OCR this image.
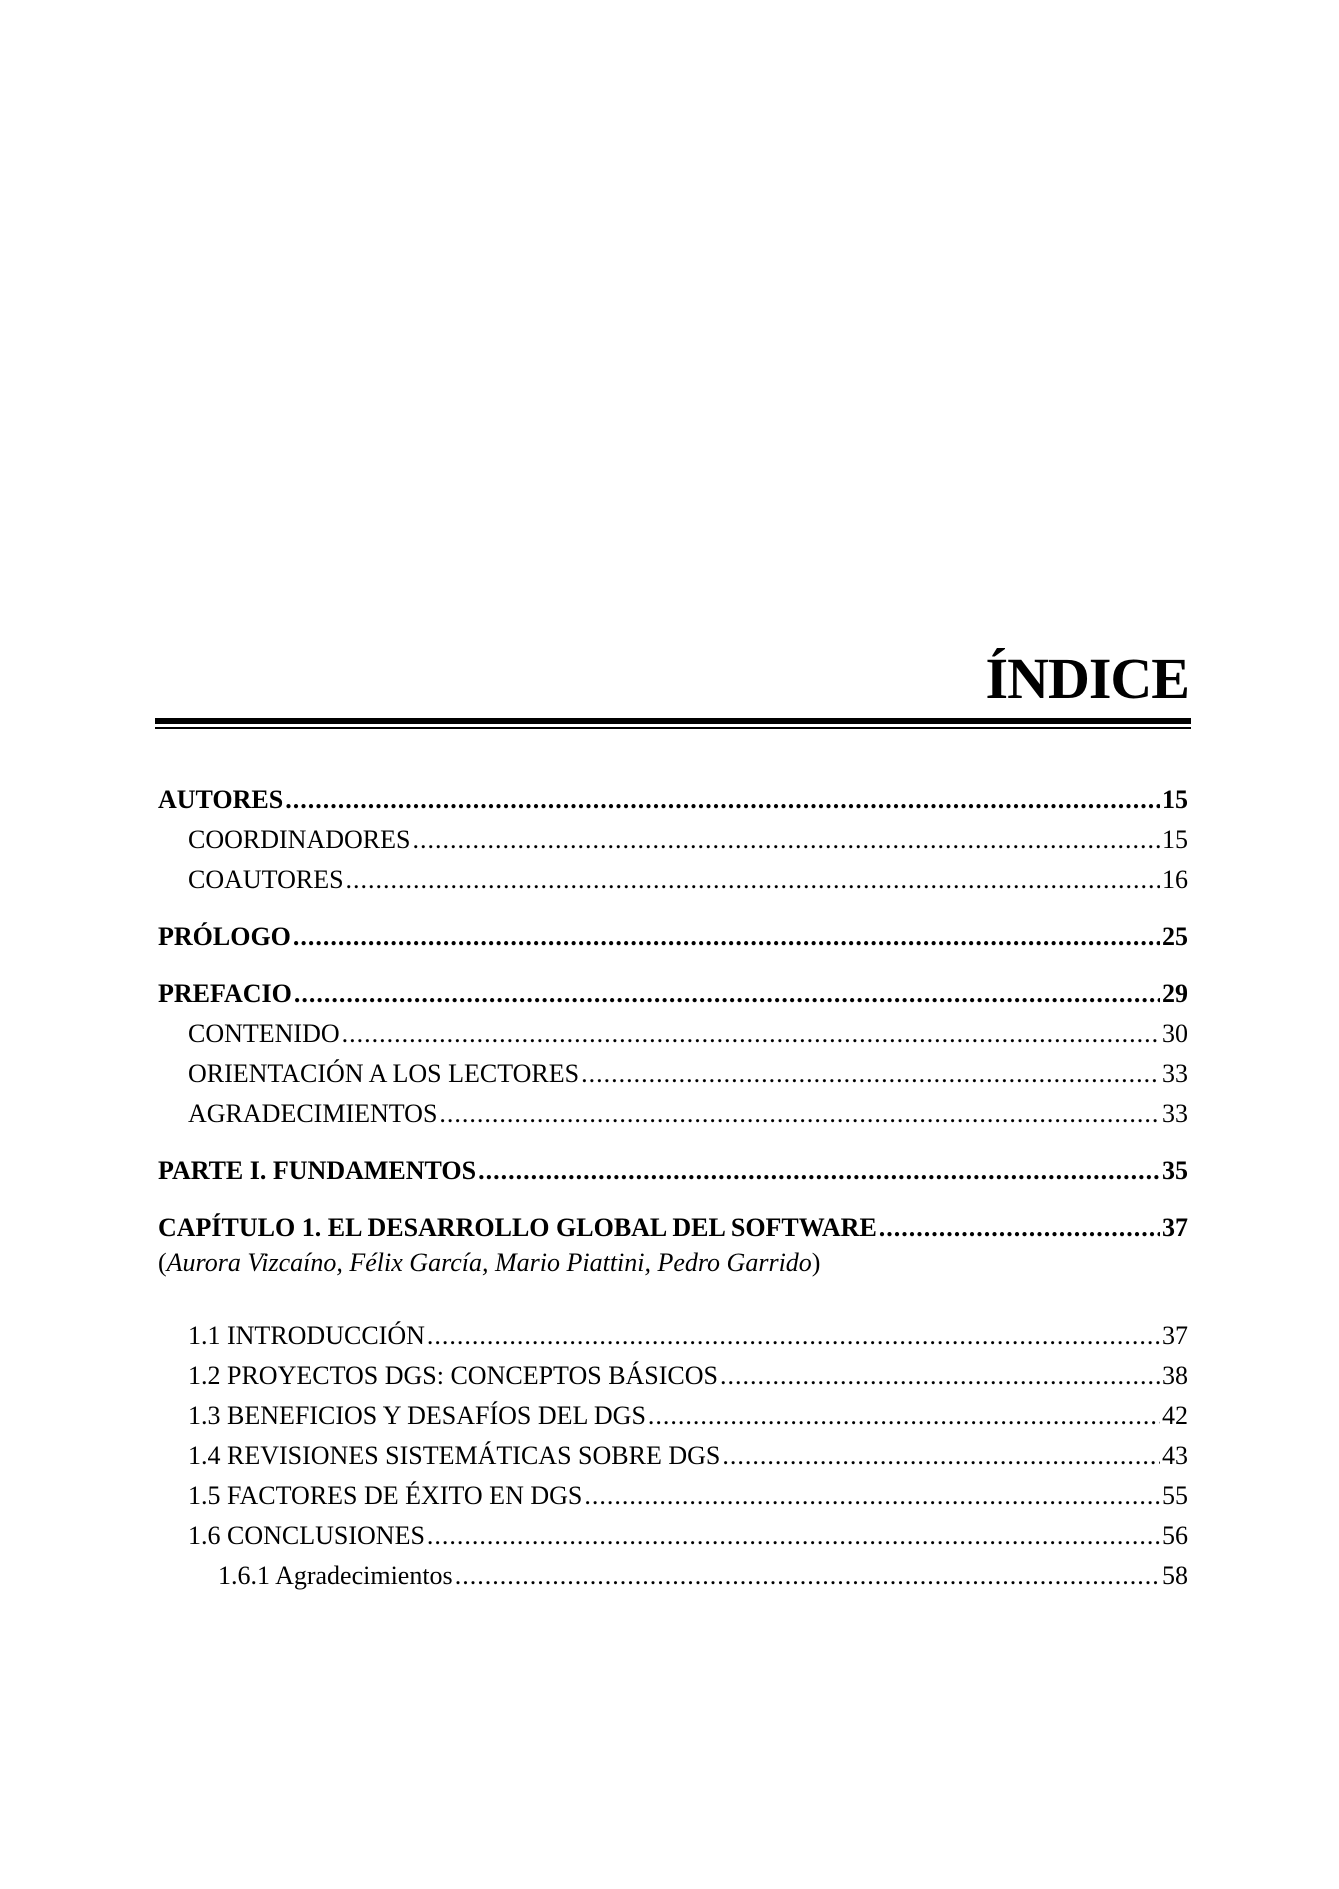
ÍNDICE
AUTORES .....	15
COORDINADORES .....	15
COAUTORES .....	16
PRÓLOGO .....	25
PREFACIO .....	29
CONTENIDO .....	30
ORIENTACIÓN A LOS LECTORES .....	33
AGRADECIMIENTOS .....	33
PARTE I. FUNDAMENTOS .....	35
CAPÍTULO 1. EL DESARROLLO GLOBAL DEL SOFTWARE .....	37
(Aurora Vizcaíno, Félix García, Mario Piattini, Pedro Garrido)
1.1 INTRODUCCIÓN .....	37
1.2 PROYECTOS DGS: CONCEPTOS BÁSICOS .....	38
1.3 BENEFICIOS Y DESAFÍOS DEL DGS .....	42
1.4 REVISIONES SISTEMÁTICAS SOBRE DGS .....	43
1.5 FACTORES DE ÉXITO EN DGS .....	55
1.6 CONCLUSIONES .....	56
1.6.1 Agradecimientos .....	58
